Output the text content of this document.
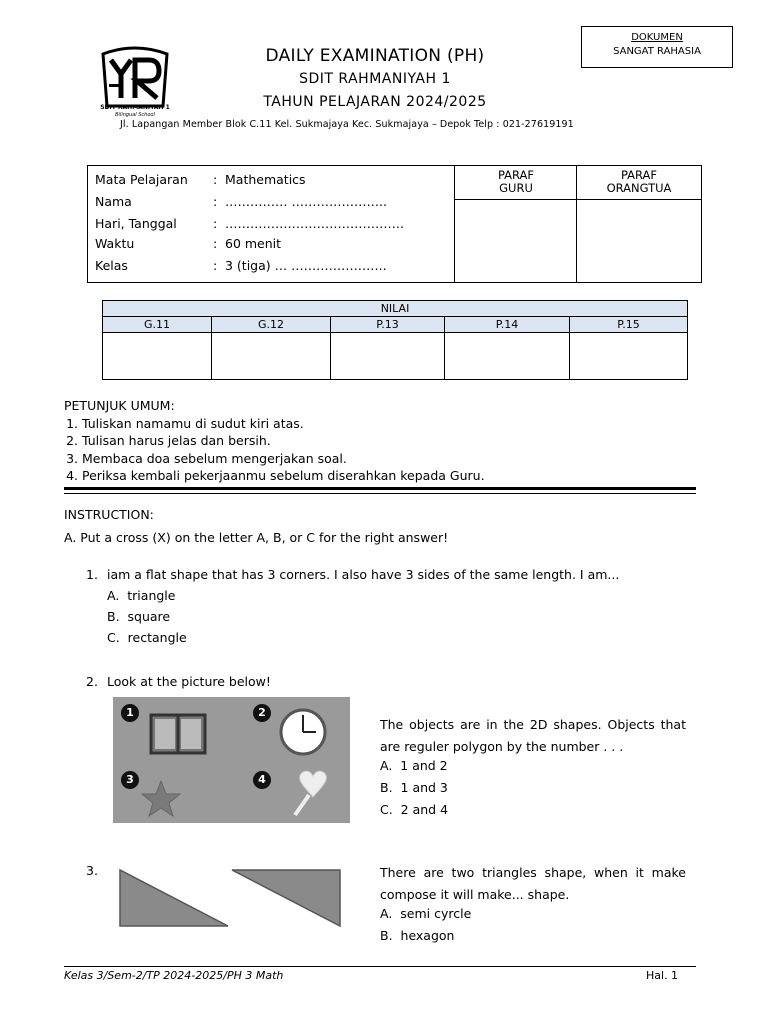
SDIT RAHMANIYAH 1
Bilingual School
DAILY EXAMINATION (PH)
SDIT RAHMANIYAH 1
TAHUN PELAJARAN 2024/2025
Jl. Lapangan Member Blok C.11 Kel. Sukmajaya Kec. Sukmajaya – Depok Telp : 021-27619191
DOKUMEN
SANGAT RAHASIA
Mata Pelajaran : Mathematics
Nama	: …………… …………………..
Hari, Tanggal	: …………………………………….
Waktu	: 60 menit
Kelas	: 3 (tiga) … …………………..
PARAF
GURU
PARAF
ORANGTUA
NILAI				
G.11	G.12	P.13	P.14	P.15

PETUNJUK UMUM:
1. Tuliskan namamu di sudut kiri atas.
2. Tulisan harus jelas dan bersih.
3. Membaca doa sebelum mengerjakan soal.
4. Periksa kembali pekerjaanmu sebelum diserahkan kepada Guru.
INSTRUCTION:
A. Put a cross (X) on the letter A, B, or C for the right answer!
1. iam a flat shape that has 3 corners. I also have 3 sides of the same length. I am...
A. triangle
B. square
C. rectangle
2. Look at the picture below!
1	2
3	4
The objects are in the 2D shapes. Objects that are reguler polygon by the number . . .
A. 1 and 2
B. 1 and 3
C. 2 and 4
3.	There are two triangles shape, when it make compose it will make... shape.
A. semi cyrcle
B. hexagon
Kelas 3/Sem-2/TP 2024-2025/PH 3 Math	Hal. 1
